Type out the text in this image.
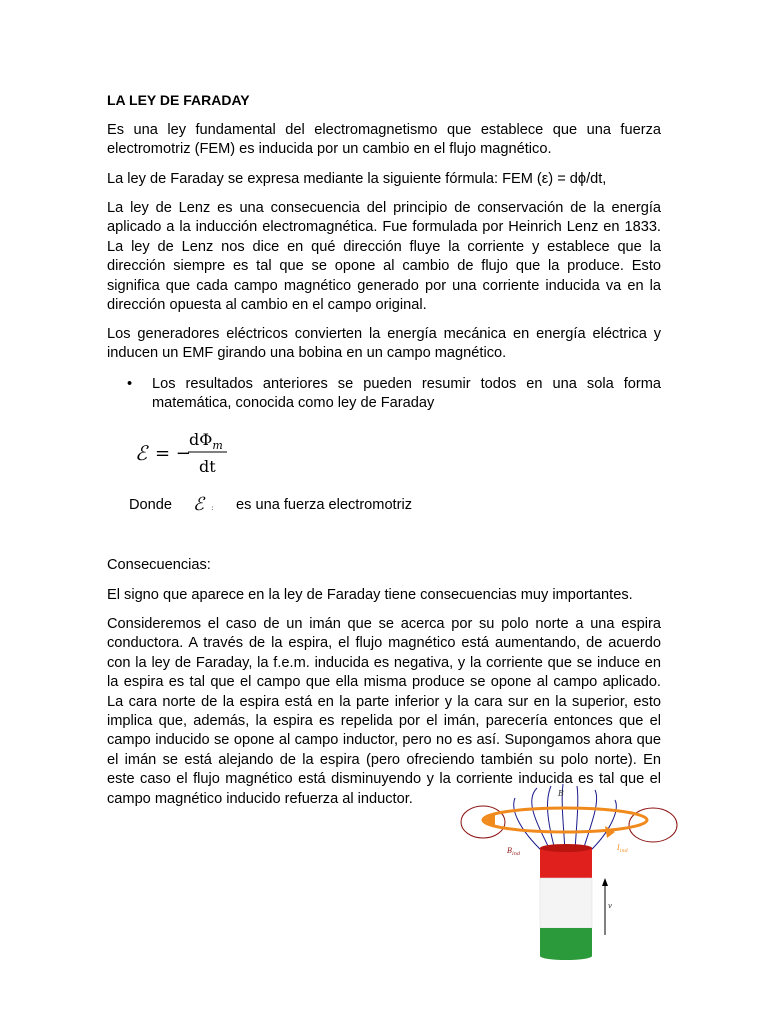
LA LEY DE FARADAY
Es una ley fundamental del electromagnetismo que establece que una fuerza electromotriz (FEM) es inducida por un cambio en el flujo magnético.
La ley de Faraday se expresa mediante la siguiente fórmula: FEM (ε) = dϕ/dt,
La ley de Lenz es una consecuencia del principio de conservación de la energía aplicado a la inducción electromagnética. Fue formulada por Heinrich Lenz en 1833. La ley de Lenz nos dice en qué dirección fluye la corriente y establece que la dirección siempre es tal que se opone al cambio de flujo que la produce. Esto significa que cada campo magnético generado por una corriente inducida va en la dirección opuesta al cambio en el campo original.
Los generadores eléctricos convierten la energía mecánica en energía eléctrica y inducen un EMF girando una bobina en un campo magnético.
• Los resultados anteriores se pueden resumir todos en una sola forma matemática, conocida como ley de Faraday
ℰ = −
$d\Phi_m$
dt
Donde ℰ : es una fuerza electromotriz
Consecuencias:
El signo que aparece en la ley de Faraday tiene consecuencias muy importantes.
Consideremos el caso de un imán que se acerca por su polo norte a una espira conductora. A través de la espira, el flujo magnético está aumentando, de acuerdo con la ley de Faraday, la f.e.m. inducida es negativa, y la corriente que se induce en la espira es tal que el campo que ella misma produce se opone al campo aplicado. La cara norte de la espira está en la parte inferior y la cara sur en la superior, esto implica que, además, la espira es repelida por el imán, parecería entonces que el campo inducido se opone al campo inductor, pero no es así. Supongamos ahora que el imán se está alejando de la espira (pero ofreciendo también su polo norte). En este caso el flujo magnético está disminuyendo y la corriente inducida es tal que el campo magnético inducido refuerza al inductor.	B
$B_{ind}$
$I_{ind}$
v
